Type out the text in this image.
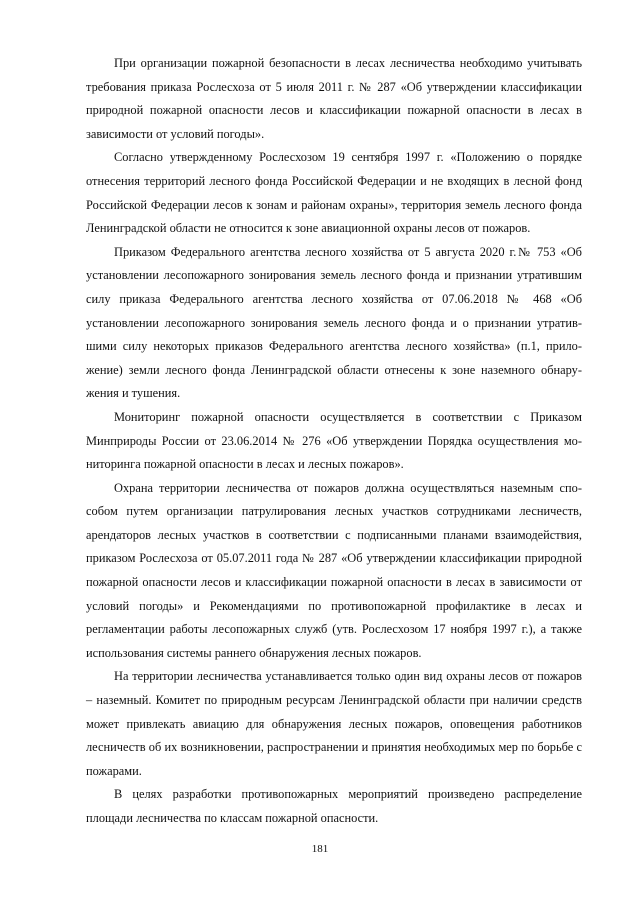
При организации пожарной безопасности в лесах лесничества необходимо учитывать требования приказа Рослесхоза от 5 июля 2011 г. № 287 «Об утверждении классификации природной пожарной опасности лесов и классификации пожарной опасности в лесах в зависимости от условий погоды».

Согласно утвержденному Рослесхозом 19 сентября 1997 г. «Положению о порядке отнесения территорий лесного фонда Российской Федерации и не входящих в лесной фонд Российской Федерации лесов к зонам и районам охраны», территория земель лесного фонда Ленинградской области не относится к зоне авиационной охраны лесов от пожаров.

Приказом Федерального агентства лесного хозяйства от 5 августа 2020 г.№ 753 «Об установлении лесопожарного зонирования земель лесного фонда и признании утратившим силу приказа Федерального агентства лесного хозяйства от 07.06.2018 № 468 «Об установлении лесопожарного зонирования земель лесного фонда и о признании утратившими силу некоторых приказов Федерального агентства лесного хозяйства» (п.1, приложение) земли лесного фонда Ленинградской области отнесены к зоне наземного обнаружения и тушения.

Мониторинг пожарной опасности осуществляется в соответствии с Приказом Минприроды России от 23.06.2014 № 276 «Об утверждении Порядка осуществления мониторинга пожарной опасности в лесах и лесных пожаров».

Охрана территории лесничества от пожаров должна осуществляться наземным способом путем организации патрулирования лесных участков сотрудниками лесничеств, арендаторов лесных участков в соответствии с подписанными планами взаимодействия, приказом Рослесхоза от 05.07.2011 года № 287 «Об утверждении классификации природной пожарной опасности лесов и классификации пожарной опасности в лесах в зависимости от условий погоды» и Рекомендациями по противопожарной профилактике в лесах и регламентации работы лесопожарных служб (утв. Рослесхозом 17 ноября 1997 г.), а также использования системы раннего обнаружения лесных пожаров.

На территории лесничества устанавливается только один вид охраны лесов от пожаров – наземный. Комитет по природным ресурсам Ленинградской области при наличии средств может привлекать авиацию для обнаружения лесных пожаров, оповещения работников лесничеств об их возникновении, распространении и принятия необходимых мер по борьбе с пожарами.

В целях разработки противопожарных мероприятий произведено распределение площади лесничества по классам пожарной опасности.

181
